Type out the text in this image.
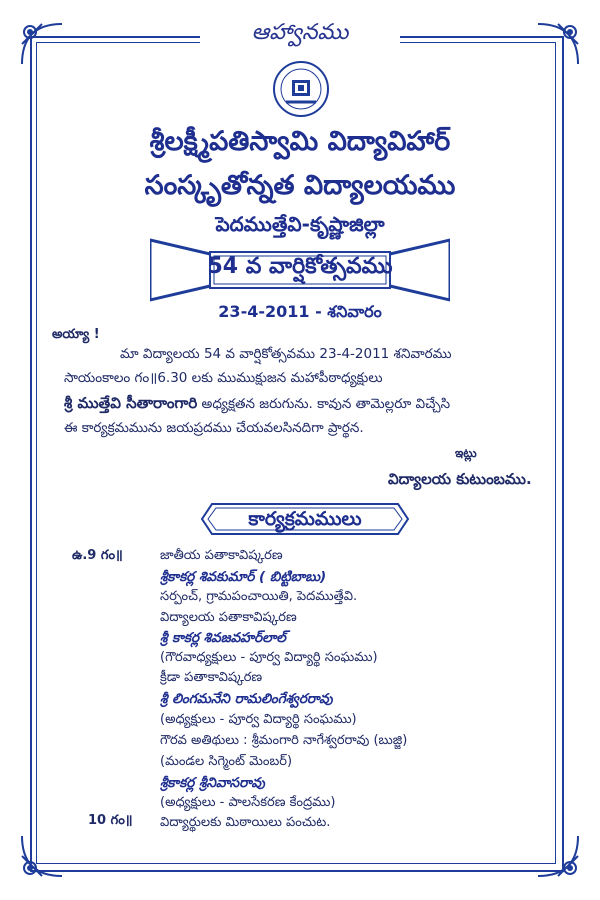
ఆహ్వానము
శ్రీలక్ష్మీపతిస్వామి విద్యావిహార్
సంస్కృతోన్నత విద్యాలయము
పెదముత్తేవి-కృష్ణాజిల్లా
54 వ వార్షికోత్సవము
23-4-2011 - శనివారం
అయ్యా !
మా విద్యాలయ 54 వ వార్షికోత్సవము 23-4-2011 శనివారము
సాయంకాలం గం॥6.30 లకు ముముక్షుజన మహాపీఠాధ్యక్షులు
శ్రీ ముత్తేవి సీతారాంగారి అధ్యక్షతన జరుగును. కావున తామెల్లరూ విచ్చేసి
ఈ కార్యక్రమమును జయప్రదము చేయవలసినదిగా ప్రార్థన.
ఇట్లు
విద్యాలయ కుటుంబము.
కార్యక్రమములు
ఉ.9 గం॥
10 గం॥
జాతీయ పతాకావిష్కరణ
శ్రీకాకర్ల శివకుమార్ ( బిట్టిబాబు)
సర్పంచ్, గ్రామపంచాయితి, పెదముత్తేవి.
విద్యాలయ పతాకావిష్కరణ
శ్రీ కాకర్ల శివజవహర్‌లాల్
(గౌరవాధ్యక్షులు - పూర్వ విద్యార్థి సంఘము)
క్రీడా పతాకావిష్కరణ
శ్రీ లింగమనేని రామలింగేశ్వరరావు
(అధ్యక్షులు - పూర్వ విద్యార్థి సంఘము)
గౌరవ అతిథులు : శ్రీమంగారి నాగేశ్వరరావు (బుజ్జి)
(మండల సిగ్మెంట్ మెంబర్)
శ్రీకాకర్ల శ్రీనివాసరావు
(అధ్యక్షులు - పాలసేకరణ కేంద్రము)
విద్యార్థులకు మిఠాయిలు పంచుట.
